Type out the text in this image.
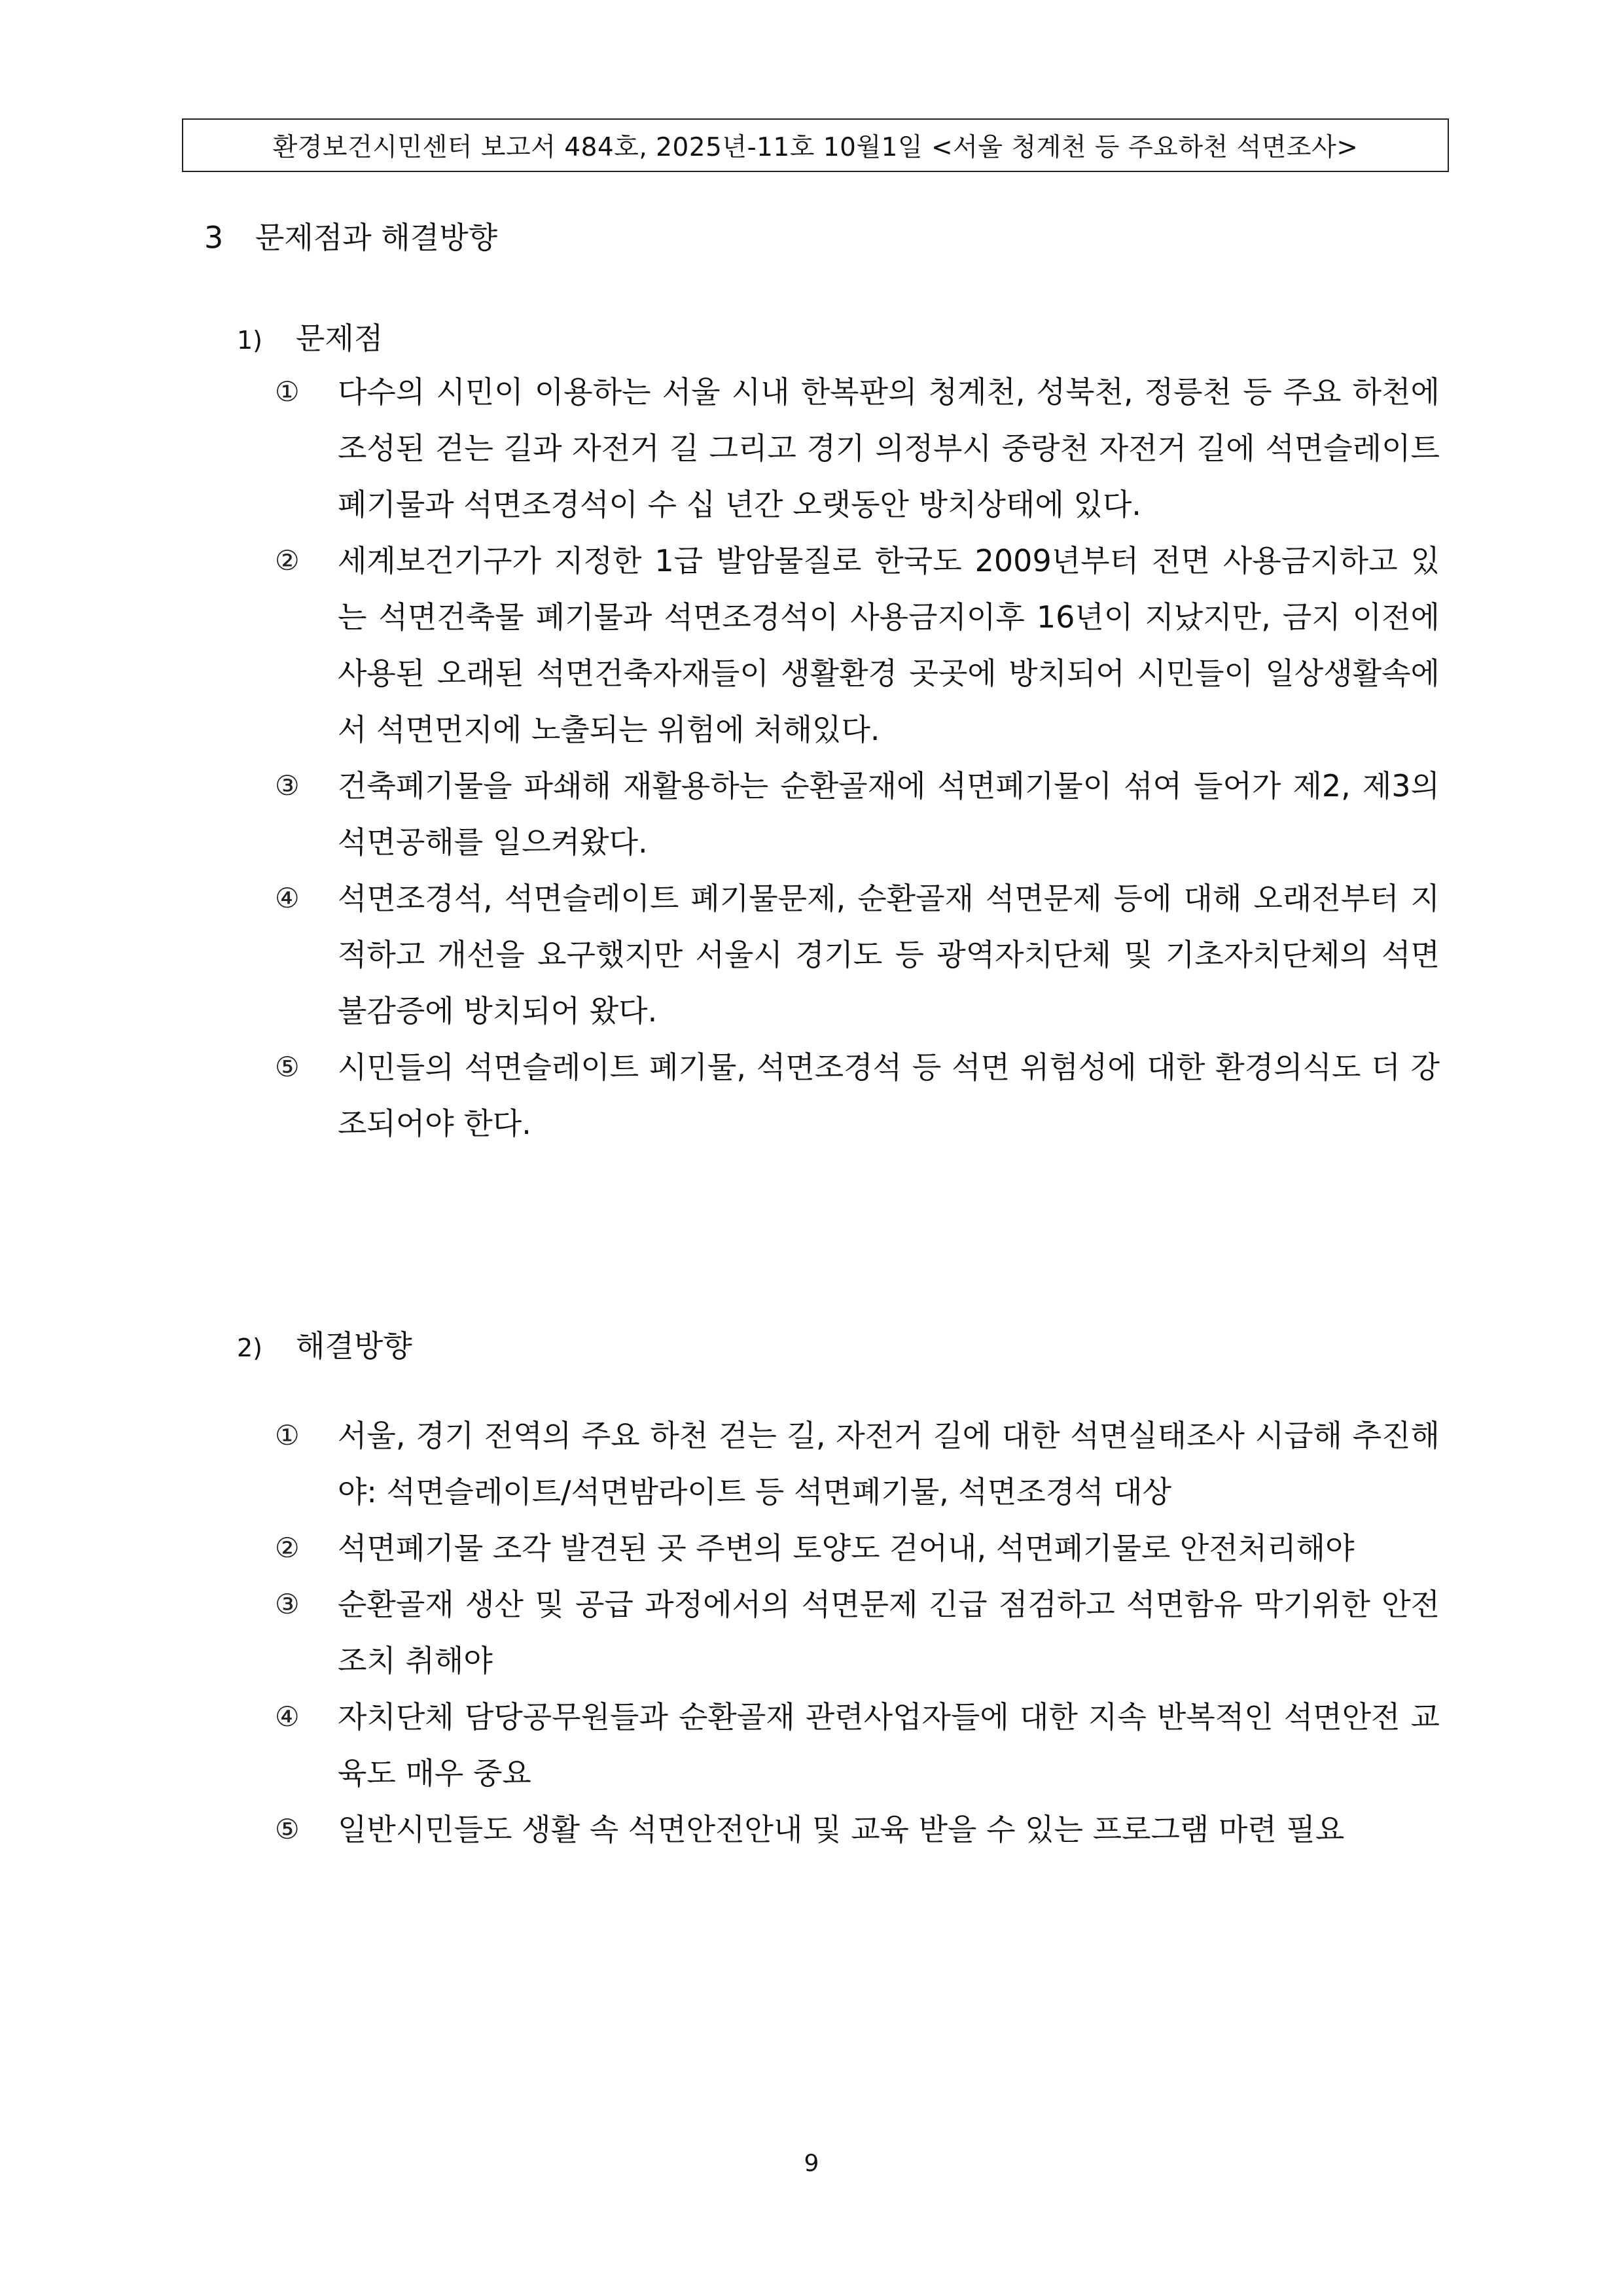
환경보건시민센터 보고서 484호, 2025년-11호 10월1일 <서울 청계천 등 주요하천 석면조사>
3 문제점과 해결방향
1) 문제점
①	다수의 시민이 이용하는 서울 시내 한복판의 청계천, 성북천, 정릉천 등 주요 하천에 조성된 걷는 길과 자전거 길 그리고 경기 의정부시 중랑천 자전거 길에 석면슬레이트 폐기물과 석면조경석이 수 십 년간 오랫동안 방치상태에 있다.
②	세계보건기구가 지정한 1급 발암물질로 한국도 2009년부터 전면 사용금지하고 있는 석면건축물 폐기물과 석면조경석이 사용금지이후 16년이 지났지만, 금지 이전에 사용된 오래된 석면건축자재들이 생활환경 곳곳에 방치되어 시민들이 일상생활속에서 석면먼지에 노출되는 위험에 처해있다.
③	건축폐기물을 파쇄해 재활용하는 순환골재에 석면폐기물이 섞여 들어가 제2, 제3의 석면공해를 일으켜왔다.
④	석면조경석, 석면슬레이트 폐기물문제, 순환골재 석면문제 등에 대해 오래전부터 지적하고 개선을 요구했지만 서울시 경기도 등 광역자치단체 및 기초자치단체의 석면불감증에 방치되어 왔다.
⑤	시민들의 석면슬레이트 폐기물, 석면조경석 등 석면 위험성에 대한 환경의식도 더 강조되어야 한다.
2) 해결방향
①	서울, 경기 전역의 주요 하천 걷는 길, 자전거 길에 대한 석면실태조사 시급해 추진해야: 석면슬레이트/석면밤라이트 등 석면폐기물, 석면조경석 대상
②	석면폐기물 조각 발견된 곳 주변의 토양도 걷어내, 석면폐기물로 안전처리해야
③	순환골재 생산 및 공급 과정에서의 석면문제 긴급 점검하고 석면함유 막기위한 안전조치 취해야
④	자치단체 담당공무원들과 순환골재 관련사업자들에 대한 지속 반복적인 석면안전 교육도 매우 중요
⑤	일반시민들도 생활 속 석면안전안내 및 교육 받을 수 있는 프로그램 마련 필요
9
